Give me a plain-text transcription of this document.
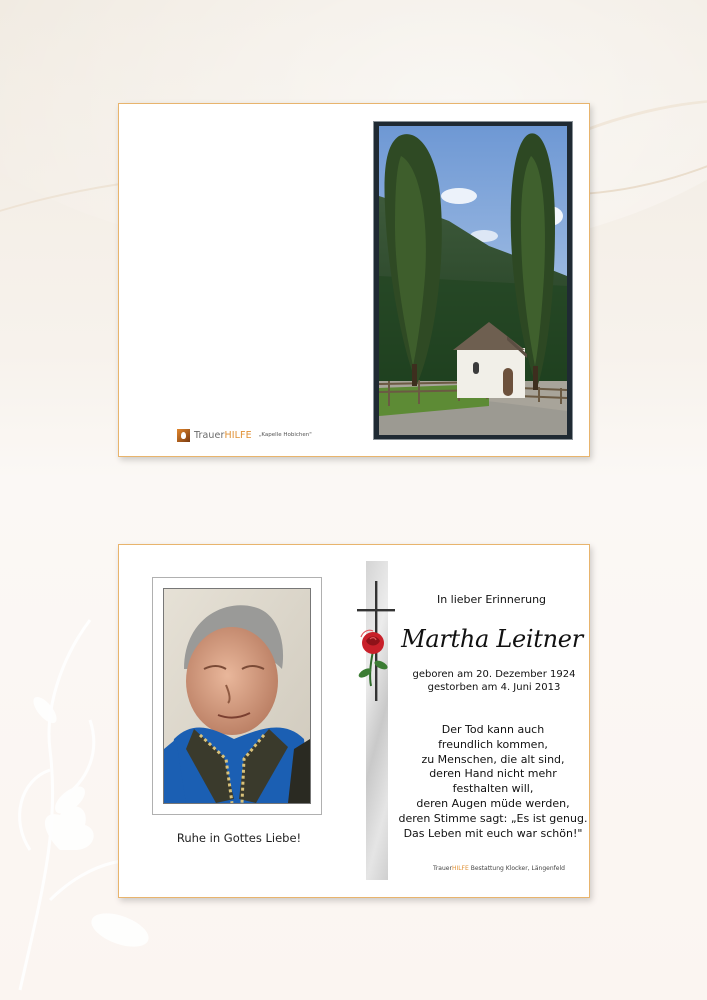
TrauerHILFE „Kapelle Hobichen"
Ruhe in Gottes Liebe!
In lieber Erinnerung
Martha Leitner
geboren am 20. Dezember 1924
gestorben am 4. Juni 2013
Der Tod kann auch
freundlich kommen,
zu Menschen, die alt sind,
deren Hand nicht mehr
festhalten will,
deren Augen müde werden,
deren Stimme sagt: „Es ist genug.
Das Leben mit euch war schön!"
TrauerHILFE Bestattung Klocker, Längenfeld
